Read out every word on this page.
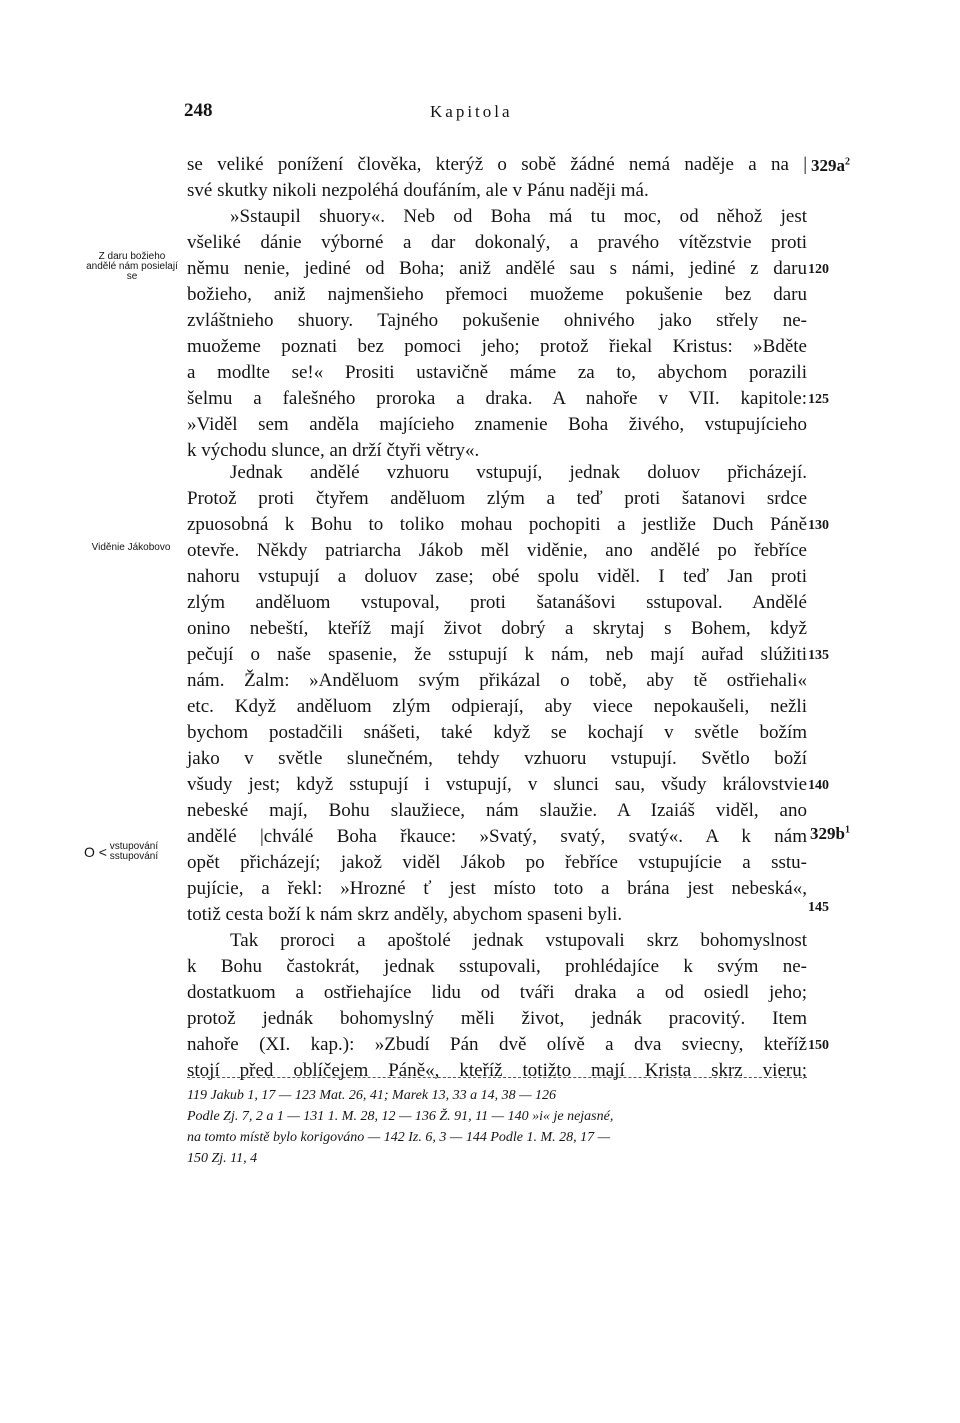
248	Kapitola
se veliké ponížení člověka, kterýž o sobě žádné nemá naděje a na |
své skutky nikoli nezpoléhá doufáním, ale v Pánu naději má.
»Sstaupil shuory«. Neb od Boha má tu moc, od něhož jest
všeliké dánie výborné a dar dokonalý, a pravého vítězstvie proti
němu nenie, jediné od Boha; aniž andělé sau s námi, jediné z daru
božieho, aniž najmenšieho přemoci muožeme pokušenie bez daru
zvláštnieho shuory. Tajného pokušenie ohnivého jako střely ne-
muožeme poznati bez pomoci jeho; protož řiekal Kristus: »Bděte
a modlte se!« Prositi ustavičně máme za to, abychom porazili
šelmu a falešného proroka a draka. A nahoře v VII. kapitole:
»Viděl sem anděla majícieho znamenie Boha živého, vstupujícieho
k východu slunce, an drží čtyři větry«.
Jednak andělé vzhuoru vstupují, jednak doluov přicházejí.
Protož proti čtyřem anděluom zlým a teď proti šatanovi srdce
zpuosobná k Bohu to toliko mohau pochopiti a jestliže Duch Páně
otevře. Někdy patriarcha Jákob měl viděnie, ano andělé po řebříce
nahoru vstupují a doluov zase; obé spolu viděl. I teď Jan proti
zlým anděluom vstupoval, proti šatanášovi sstupoval. Andělé
onino nebeští, kteříž mají život dobrý a skrytaj s Bohem, když
pečují o naše spasenie, že sstupují k nám, neb mají auřad slúžiti
nám. Žalm: »Anděluom svým přikázal o tobě, aby tě ostřiehali«
etc. Když anděluom zlým odpierají, aby viece nepokaušeli, nežli
bychom postadčili snášeti, také když se kochají v světle božím
jako v světle slunečném, tehdy vzhuoru vstupují. Světlo boží
všudy jest; když sstupují i vstupují, v slunci sau, všudy královstvie
nebeské mají, Bohu slaužiece, nám slaužie. A Izaiáš viděl, ano
andělé |chválé Boha řkauce: »Svatý, svatý, svatý«. A k nám
opět přicházejí; jakož viděl Jákob po řebříce vstupujície a sstu-
pujície, a řekl: »Hrozné ť jest místo toto a brána jest nebeská«,
totiž cesta boží k nám skrz anděly, abychom spaseni byli.
Tak proroci a apoštolé jednak vstupovali skrz bohomyslnost
k Bohu častokrát, jednak sstupovali, prohlédajíce k svým ne-
dostatkuom a ostřiehajíce lidu od tváři draka a od osiedl jeho;
protož jednák bohomyslný měli život, jednák pracovitý. Item
nahoře (XI. kap.): »Zbudí Pán dvě olívě a dva sviecny, kteříž
stojí před oblíčejem Páně«, kteříž totižto mají Krista skrz vieru;
120
125
130
135
140
145
150
$329a^2$
$329b^1$
Z daru božieho andělé nám posielají se
Viděnie Jákobovo
O < vstupování sstupování
119 Jakub 1, 17 — 123 Mat. 26, 41; Marek 13, 33 a 14, 38 — 126
Podle Zj. 7, 2 a 1 — 131 1. M. 28, 12 — 136 Ž. 91, 11 — 140 »i« je nejasné,
na tomto místě bylo korigováno — 142 Iz. 6, 3 — 144 Podle 1. M. 28, 17 —
150 Zj. 11, 4
